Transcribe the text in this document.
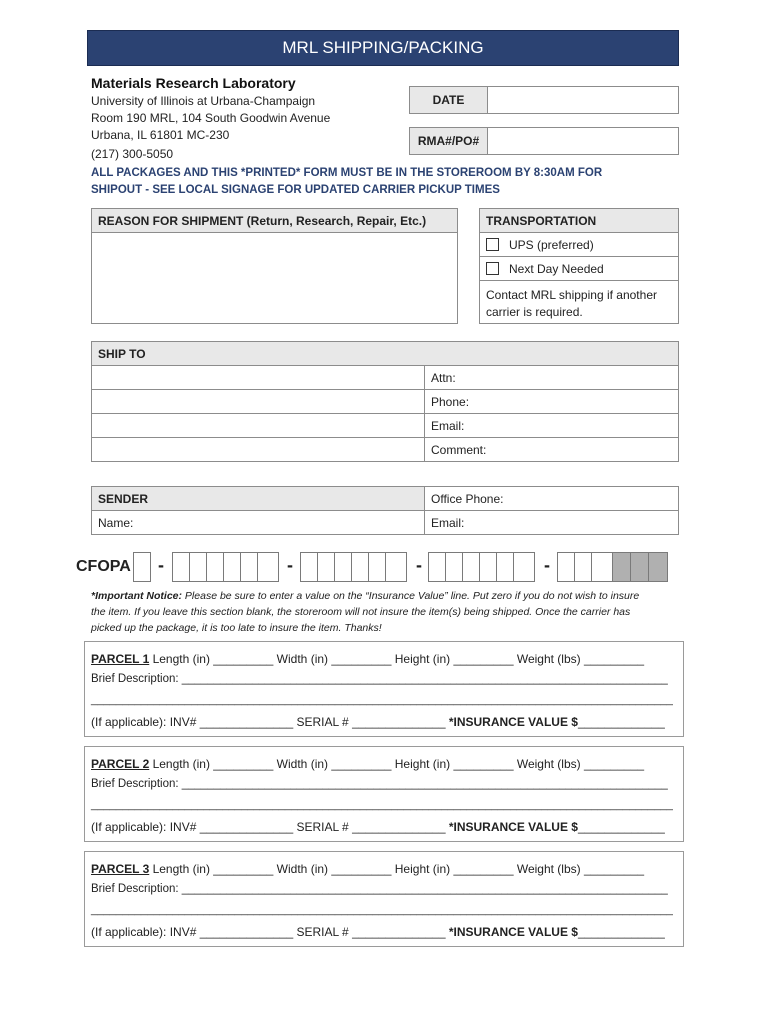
MRL SHIPPING/PACKING
Materials Research Laboratory
University of Illinois at Urbana-Champaign
Room 190 MRL, 104 South Goodwin Avenue
Urbana, IL 61801 MC-230
(217) 300-5050
DATE
RMA#/PO#
ALL PACKAGES AND THIS *PRINTED* FORM MUST BE IN THE STOREROOM BY 8:30AM FOR
SHIPOUT - SEE LOCAL SIGNAGE FOR UPDATED CARRIER PICKUP TIMES
REASON FOR SHIPMENT (Return, Research, Repair, Etc.)	TRANSPORTATION
UPS (preferred)
Next Day Needed
Contact MRL shipping if another
carrier is required.
SHIP TO
Attn:
Phone:
Email:
Comment:
SENDER	Office Phone:
Name:	Email:
CFOPA -	-	-	-
*Important Notice: Please be sure to enter a value on the “Insurance Value” line. Put zero if you do not wish to insure
the item. If you leave this section blank, the storeroom will not insure the item(s) being shipped. Once the carrier has
picked up the package, it is too late to insure the item. Thanks!
PARCEL 1 Length (in) _________ Width (in) _________ Height (in) _________ Weight (lbs) _________
Brief Description: ____________________________________________________________________________
_____________________________________________________________________________________________
(If applicable): INV# ______________ SERIAL # ______________ *INSURANCE VALUE $_____________
PARCEL 2 Length (in) _________ Width (in) _________ Height (in) _________ Weight (lbs) _________
Brief Description: ____________________________________________________________________________
_____________________________________________________________________________________________
(If applicable): INV# ______________ SERIAL # ______________ *INSURANCE VALUE $_____________
PARCEL 3 Length (in) _________ Width (in) _________ Height (in) _________ Weight (lbs) _________
Brief Description: ____________________________________________________________________________
_____________________________________________________________________________________________
(If applicable): INV# ______________ SERIAL # ______________ *INSURANCE VALUE $_____________
